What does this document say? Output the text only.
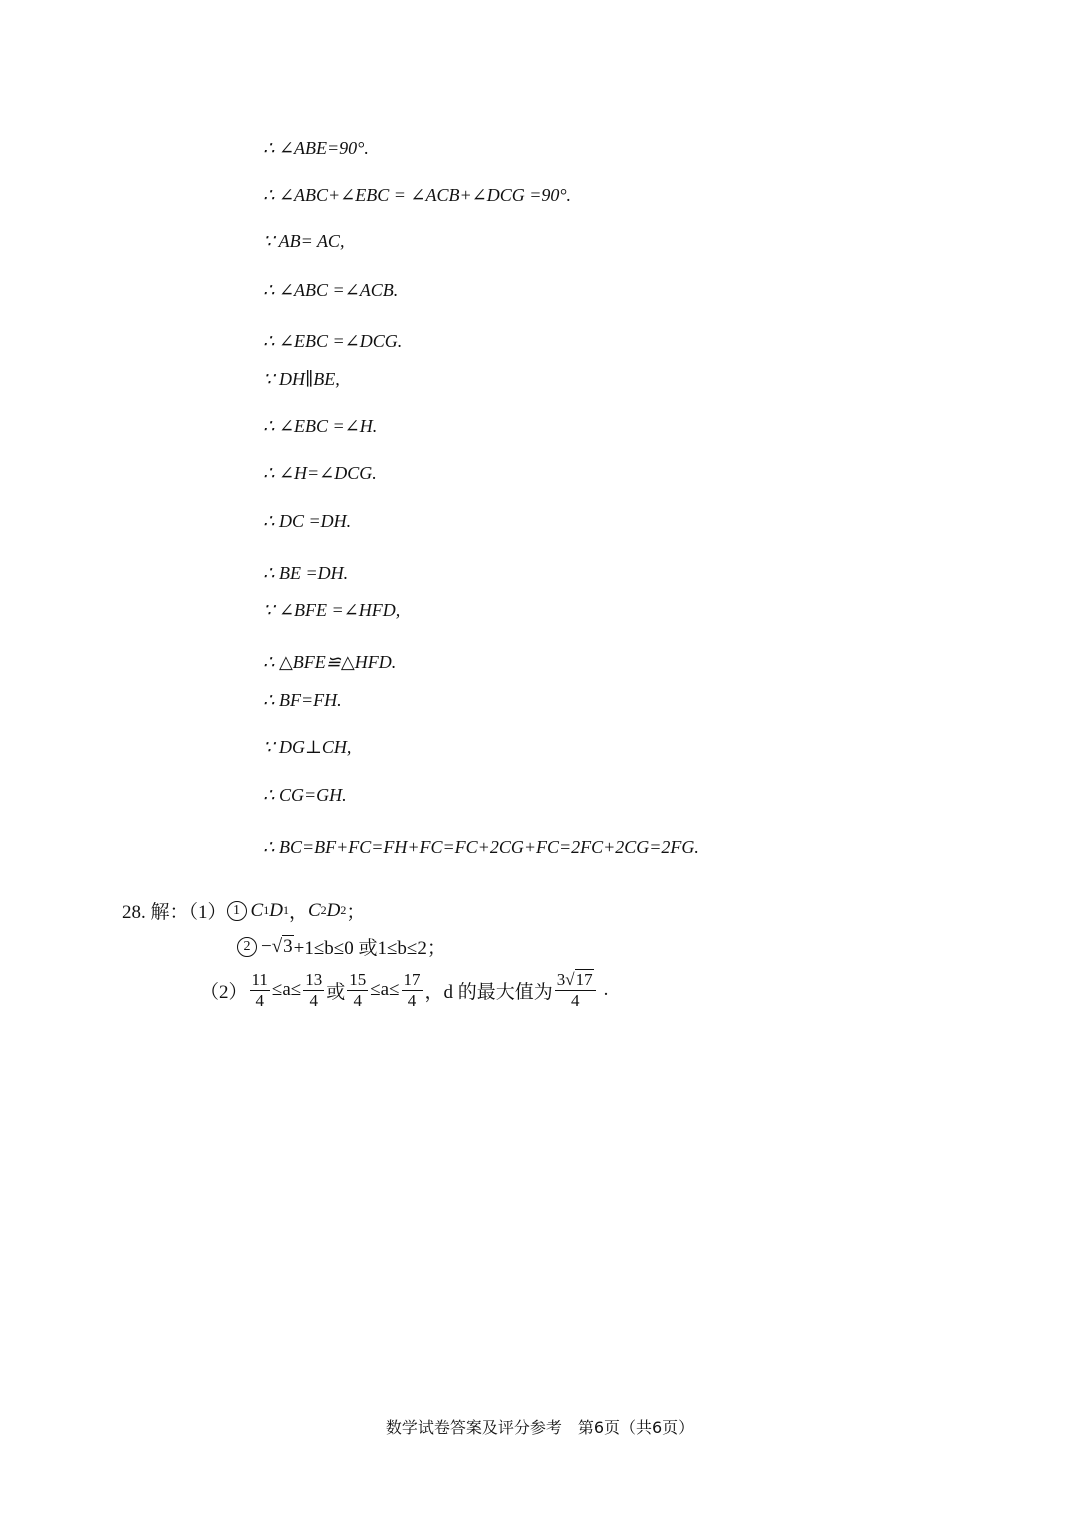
∴ ∠ABE=90°.
∴ ∠ABC+∠EBC = ∠ACB+∠DCG =90°.
∵ AB= AC,
∴ ∠ABC =∠ACB.
∴ ∠EBC =∠DCG.
∵ DH∥BE,
∴ ∠EBC =∠H.
∴ ∠H=∠DCG.
∴ DC =DH.
∴ BE =DH.
∵ ∠BFE =∠HFD,
∴ △BFE≌△HFD.
∴ BF=FH.
∵ DG⊥CH,
∴ CG=GH.
∴ BC=BF+FC=FH+FC=FC+2CG+FC=2FC+2CG=2FG.
28. 解：（1） 1 C 1 D 1 ， C 2 D 2 ；
2 − √ 3 +1≤b≤0 或1≤b≤2；
$(2) \frac{11}{4} \le a\le \frac{13}{4}$ 或 $\frac{15}{4} \le a\le \frac{17}{4}$ ，d 的最大值为 $\frac{3√17}{4}$ .
数学试卷答案及评分参考　第6页（共6页）
